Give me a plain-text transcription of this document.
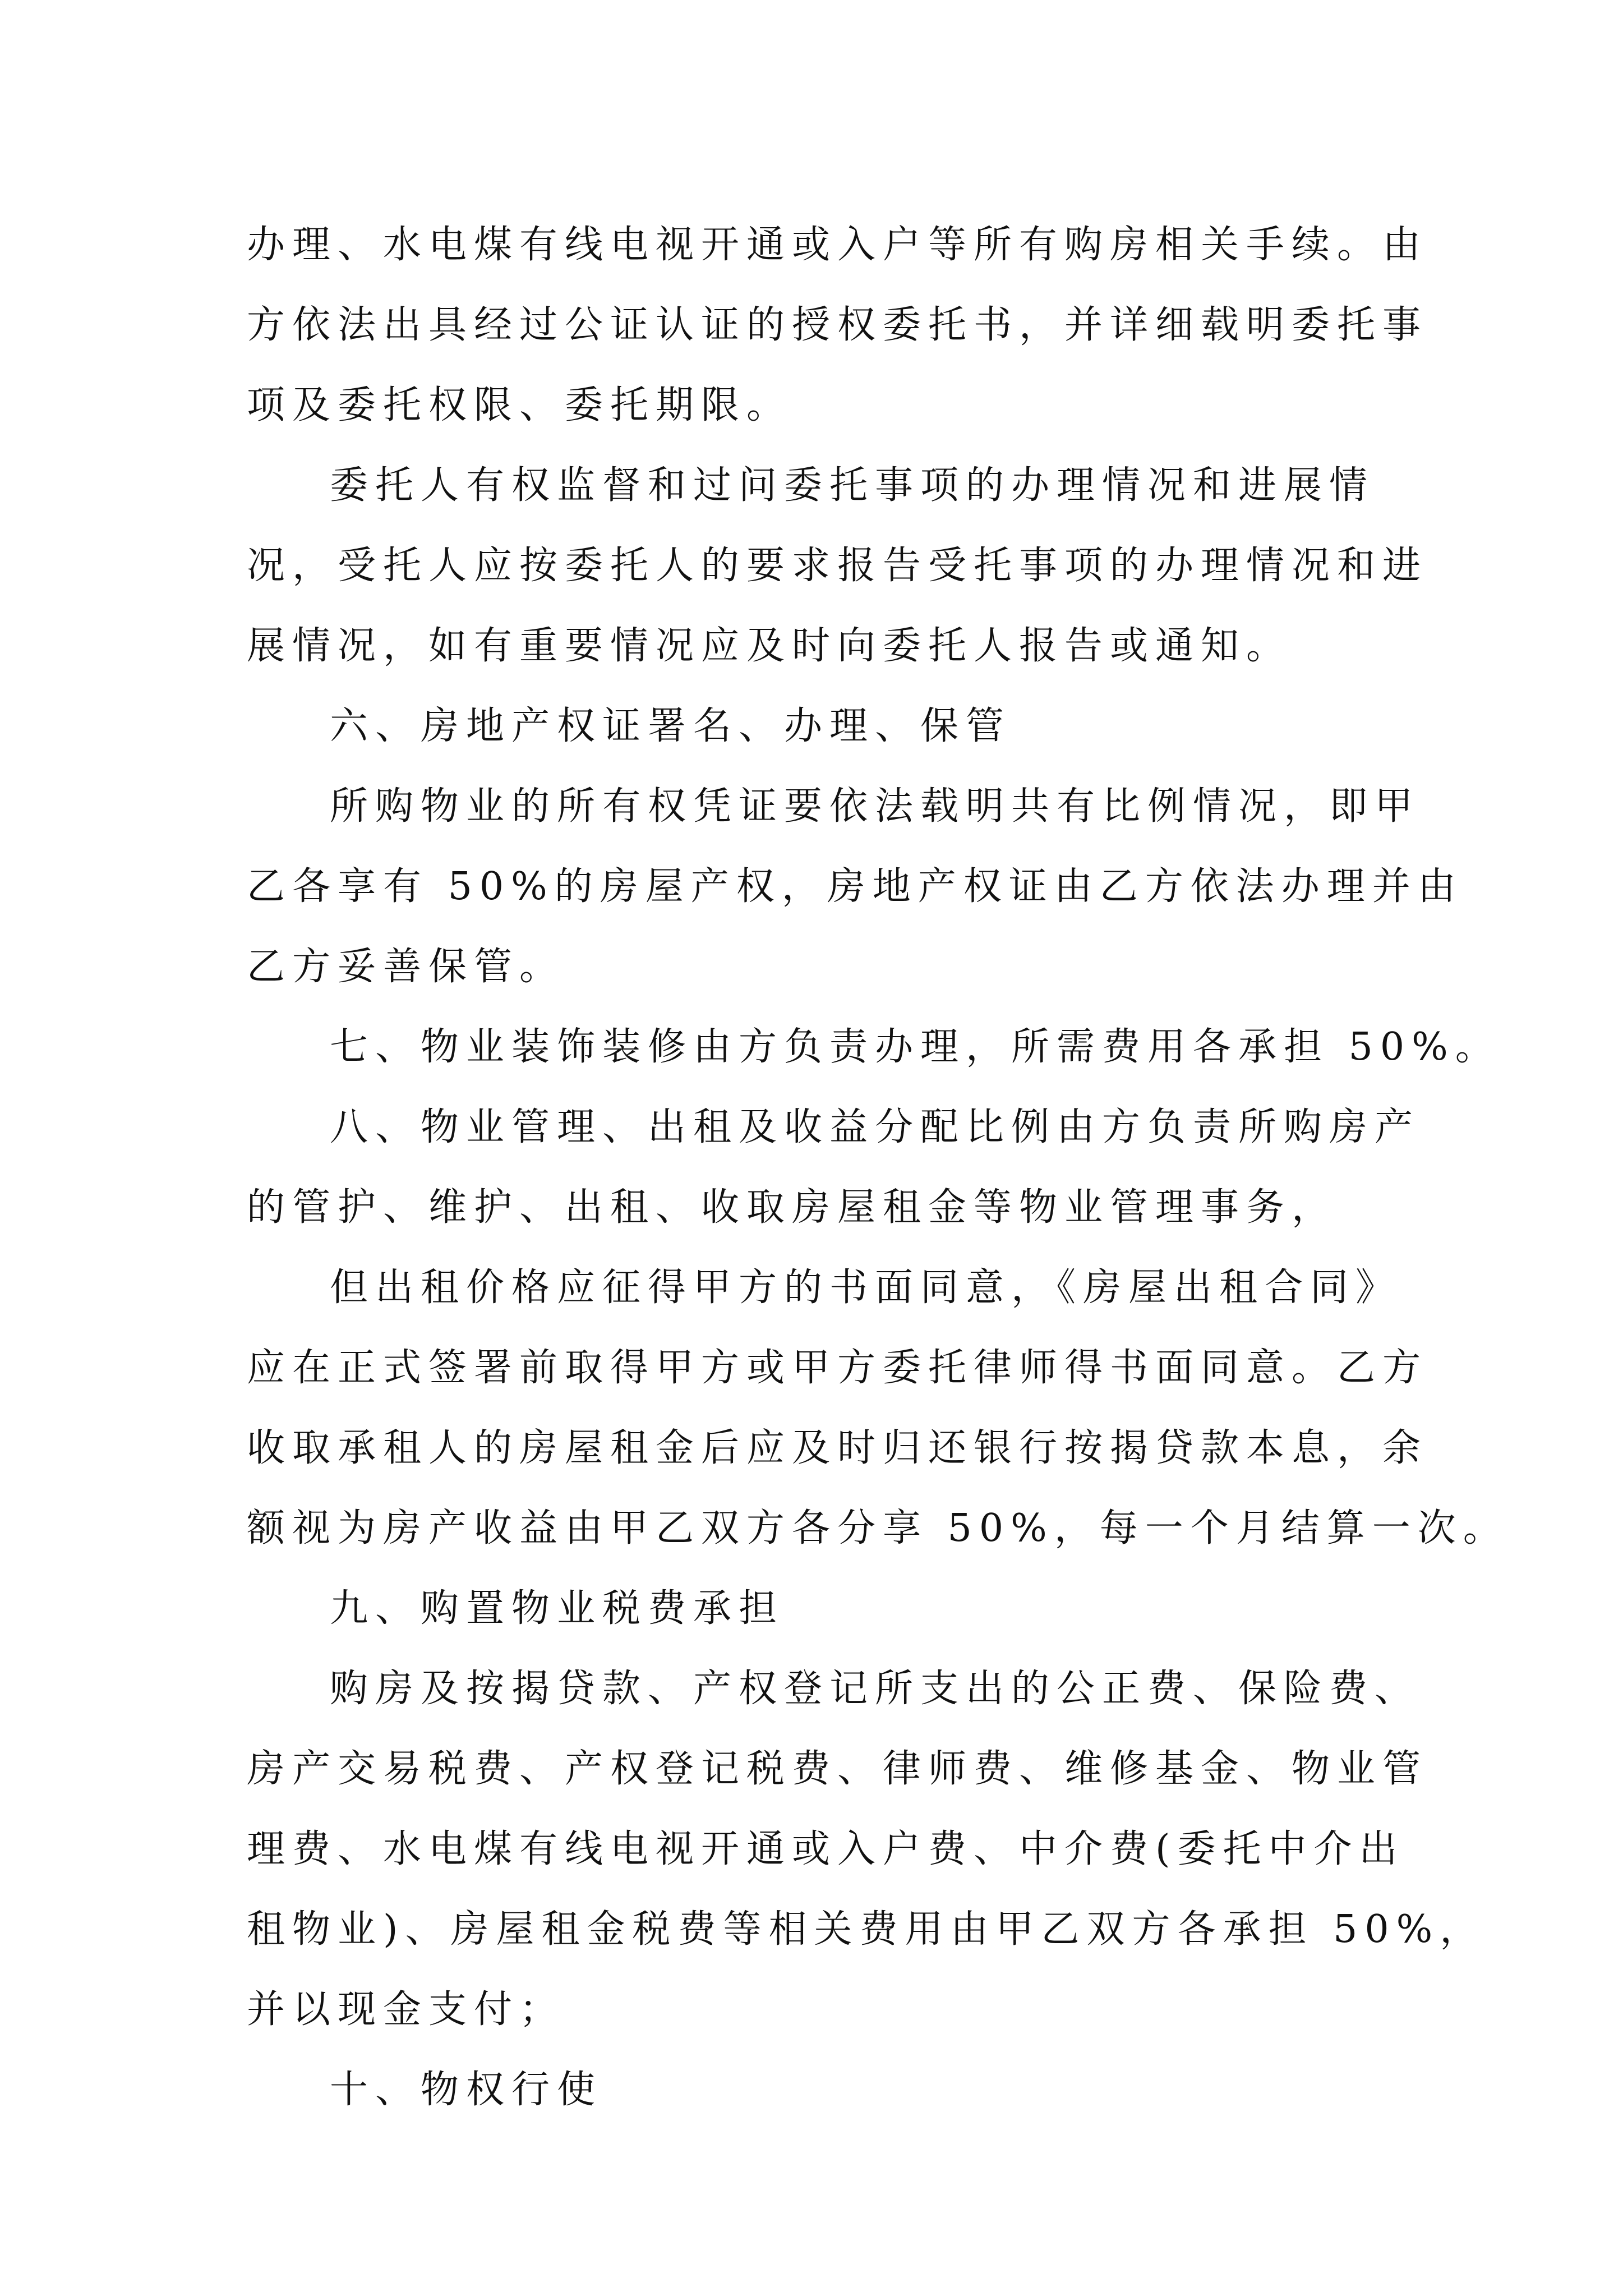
办理、水电煤有线电视开通或入户等所有购房相关手续。由
方依法出具经过公证认证的授权委托书，并详细载明委托事
项及委托权限、委托期限。

委托人有权监督和过问委托事项的办理情况和进展情
况，受托人应按委托人的要求报告受托事项的办理情况和进
展情况，如有重要情况应及时向委托人报告或通知。

六、房地产权证署名、办理、保管

所购物业的所有权凭证要依法载明共有比例情况，即甲
乙各享有 50%的房屋产权，房地产权证由乙方依法办理并由
乙方妥善保管。

七、物业装饰装修由方负责办理，所需费用各承担 50%。

八、物业管理、出租及收益分配比例由方负责所购房产
的管护、维护、出租、收取房屋租金等物业管理事务，

但出租价格应征得甲方的书面同意，《房屋出租合同》
应在正式签署前取得甲方或甲方委托律师得书面同意。乙方
收取承租人的房屋租金后应及时归还银行按揭贷款本息，余
额视为房产收益由甲乙双方各分享 50%，每一个月结算一次。

九、购置物业税费承担

购房及按揭贷款、产权登记所支出的公正费、保险费、
房产交易税费、产权登记税费、律师费、维修基金、物业管
理费、水电煤有线电视开通或入户费、中介费(委托中介出
租物业)、房屋租金税费等相关费用由甲乙双方各承担 50%，
并以现金支付；

十、物权行使
